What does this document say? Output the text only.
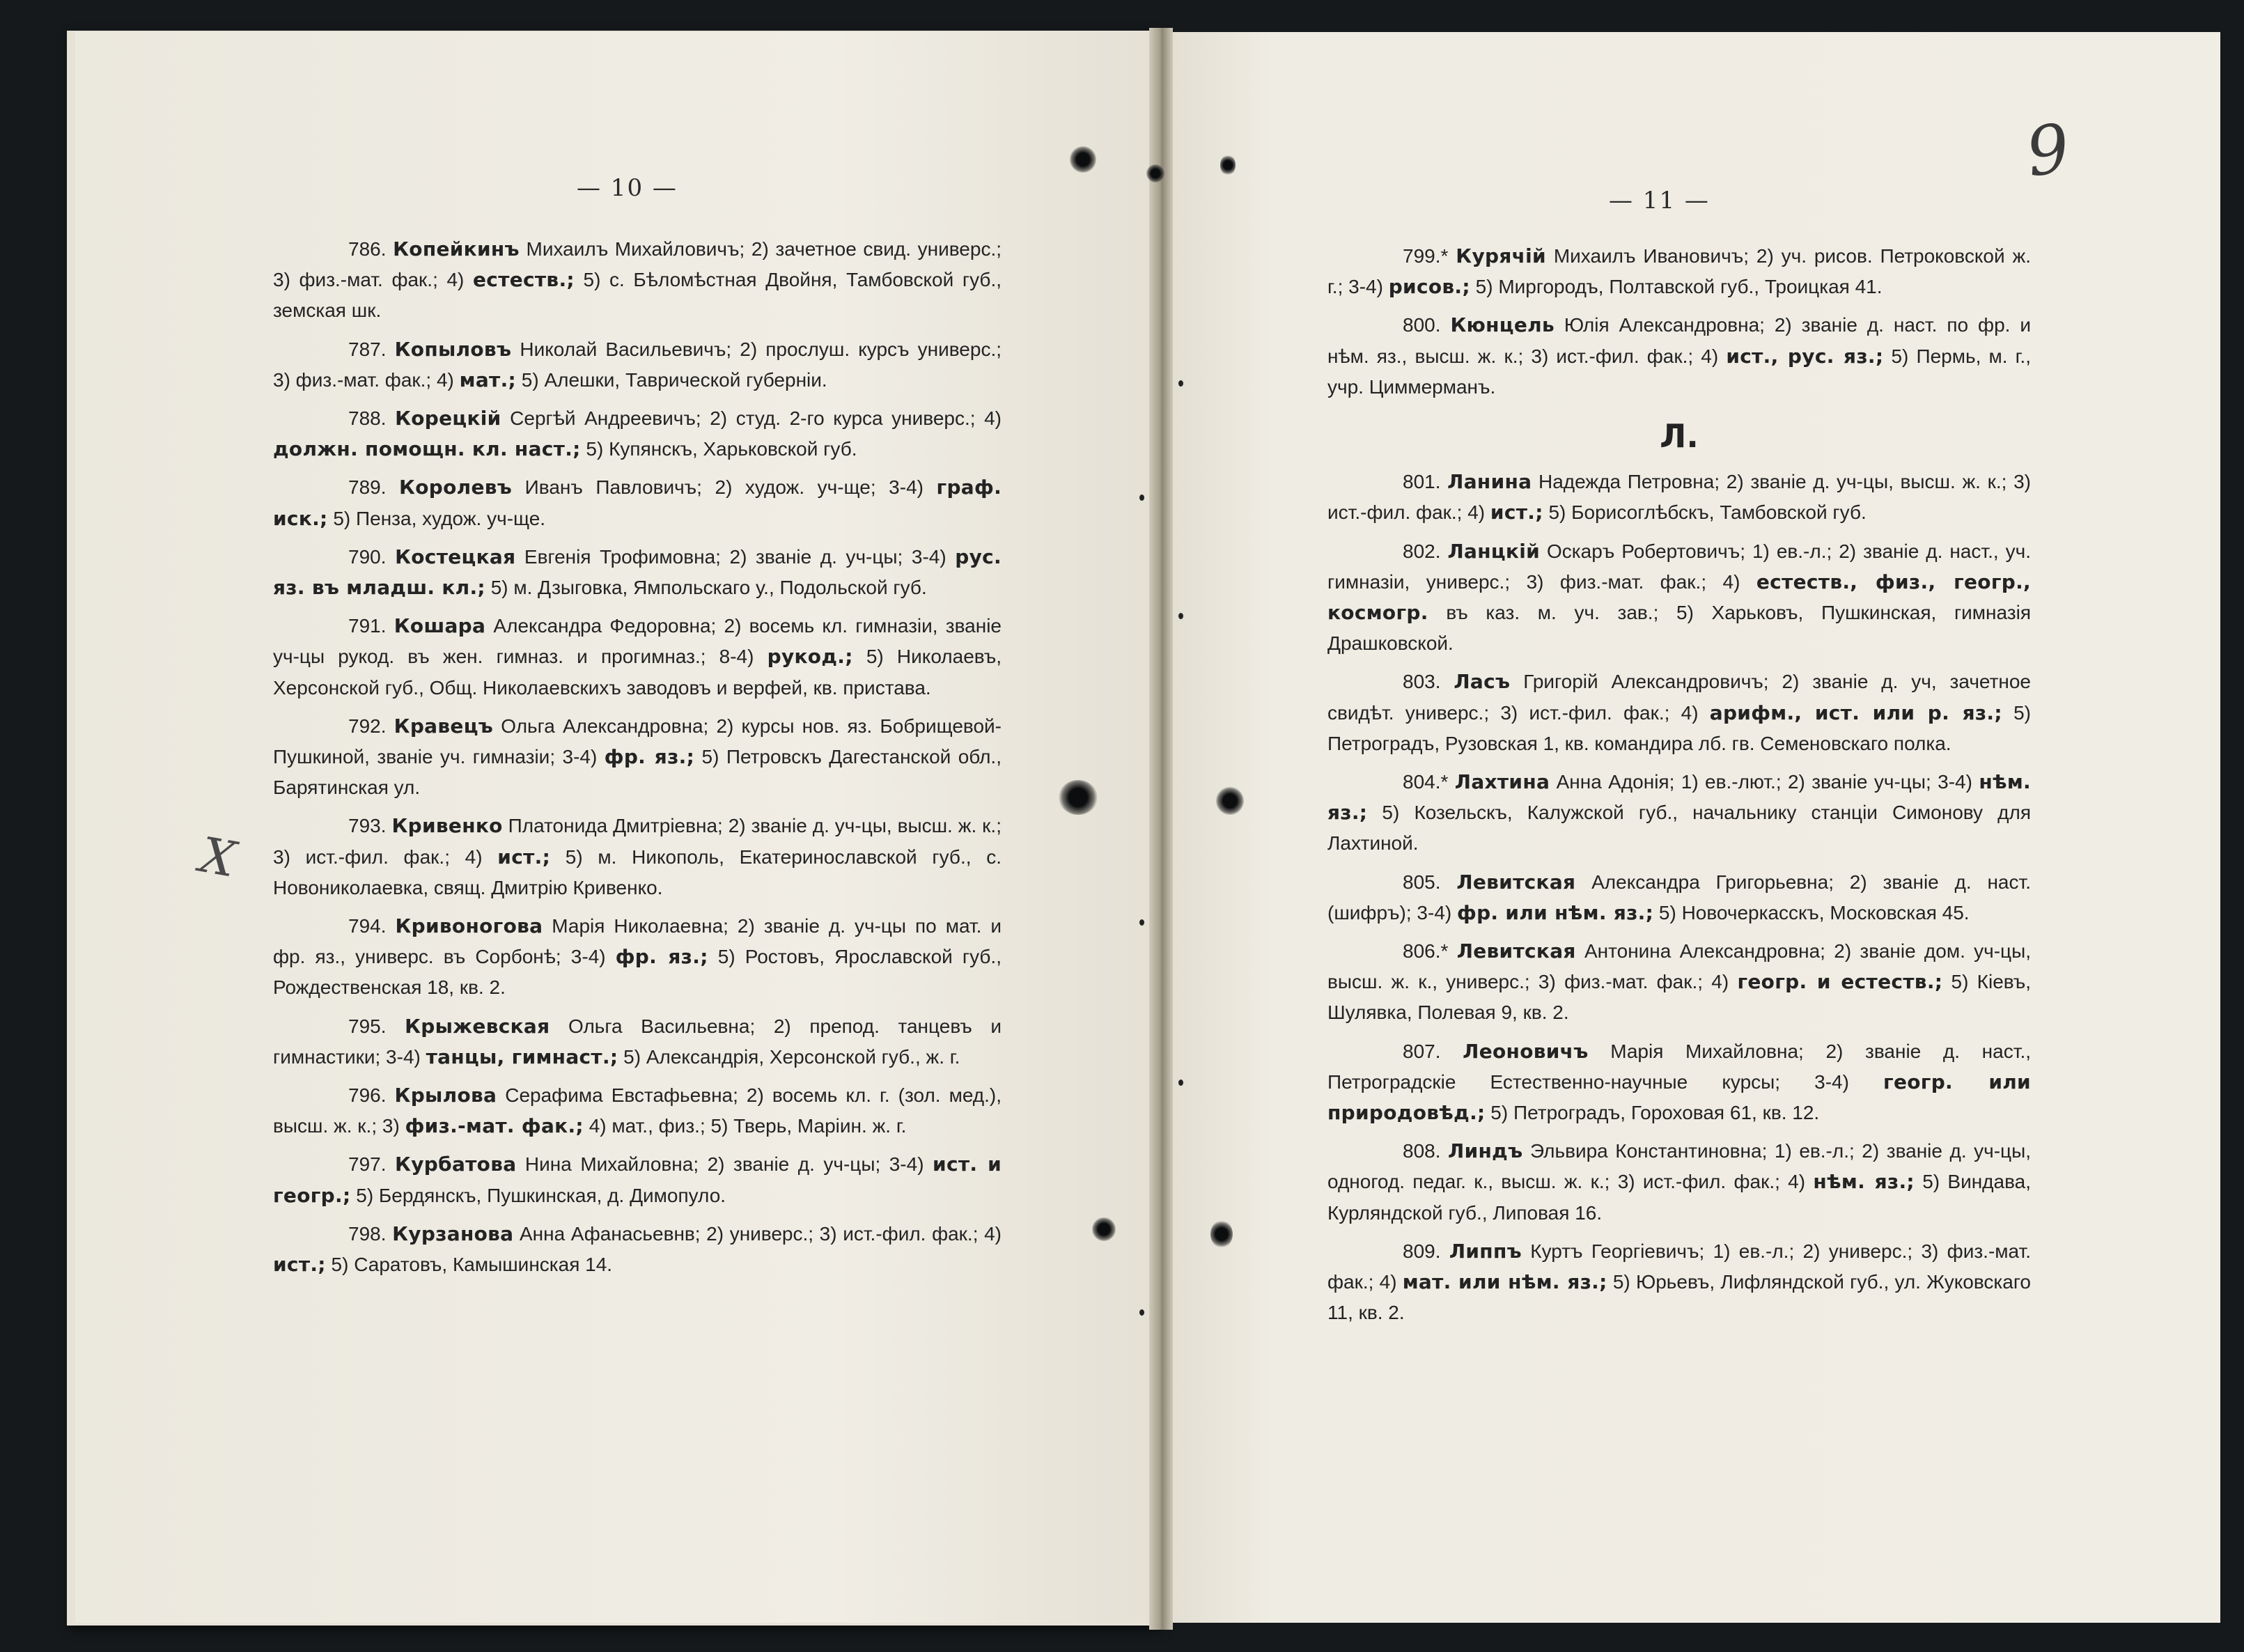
— 10 —

786. Копейкинъ Михаилъ Михайловичъ; 2) зачетное свид. универс.; 3) физ.-мат. фак.; 4) естеств.; 5) с. Бѣломѣстная Двойня, Тамбовской губ., земская шк.

787. Копыловъ Николай Васильевичъ; 2) прослуш. курсъ универс.; 3) физ.-мат. фак.; 4) мат.; 5) Алешки, Таврической губерніи.

788. Корецкій Сергѣй Андреевичъ; 2) студ. 2-го курса универс.; 4) должн. помощн. кл. наст.; 5) Купянскъ, Харьковской губ.

789. Королевъ Иванъ Павловичъ; 2) худож. уч-ще; 3-4) граф. иск.; 5) Пенза, худож. уч-ще.

790. Костецкая Евгенія Трофимовна; 2) званіе д. уч-цы; 3-4) рус. яз. въ младш. кл.; 5) м. Дзыговка, Ямпольскаго у., Подольской губ.

791. Кошара Александра Федоровна; 2) восемь кл. гимназіи, званіе уч-цы рукод. въ жен. гимназ. и прогимназ.; 8-4) рукод.; 5) Николаевъ, Херсонской губ., Общ. Николаевскихъ заводовъ и верфей, кв. пристава.

792. Кравецъ Ольга Александровна; 2) курсы нов. яз. Бобрищевой-Пушкиной, званіе уч. гимназіи; 3-4) фр. яз.; 5) Петровскъ Дагестанской обл., Барятинская ул.

793. Кривенко Платонида Дмитріевна; 2) званіе д. уч-цы, высш. ж. к.; 3) ист.-фил. фак.; 4) ист.; 5) м. Никополь, Екатеринославской губ., с. Новониколаевка, свящ. Дмитрію Кривенко.

794. Кривоногова Марія Николаевна; 2) званіе д. уч-цы по мат. и фр. яз., универс. въ Сорбонѣ; 3-4) фр. яз.; 5) Ростовъ, Ярославской губ., Рождественская 18, кв. 2.

795. Крыжевская Ольга Васильевна; 2) препод. танцевъ и гимнастики; 3-4) танцы, гимнаст.; 5) Александрія, Херсонской губ., ж. г.

796. Крылова Серафима Евстафьевна; 2) восемь кл. г. (зол. мед.), высш. ж. к.; 3) физ.-мат. фак.; 4) мат., физ.; 5) Тверь, Маріин. ж. г.

797. Курбатова Нина Михайловна; 2) званіе д. уч-цы; 3-4) ист. и геогр.; 5) Бердянскъ, Пушкинская, д. Димопуло.

798. Курзанова Анна Афанасьевнв; 2) универс.; 3) ист.-фил. фак.; 4) ист.; 5) Саратовъ, Камышинская 14.

— 11 —
9
X

799.* Курячій Михаилъ Ивановичъ; 2) уч. рисов. Петроковской ж. г.; 3-4) рисов.; 5) Миргородъ, Полтавской губ., Троицкая 41.

800. Кюнцель Юлія Александровна; 2) званіе д. наст. по фр. и нѣм. яз., высш. ж. к.; 3) ист.-фил. фак.; 4) ист., рус. яз.; 5) Пермь, м. г., учр. Циммерманъ.

Л.

801. Ланина Надежда Петровна; 2) званіе д. уч-цы, высш. ж. к.; 3) ист.-фил. фак.; 4) ист.; 5) Борисоглѣбскъ, Тамбовской губ.

802. Ланцкій Оскаръ Робертовичъ; 1) ев.-л.; 2) званіе д. наст., уч. гимназіи, универс.; 3) физ.-мат. фак.; 4) естеств., физ., геогр., космогр. въ каз. м. уч. зав.; 5) Харьковъ, Пушкинская, гимназія Драшковской.

803. Ласъ Григорій Александровичъ; 2) званіе д. уч, зачетное свидѣт. универс.; 3) ист.-фил. фак.; 4) арифм., ист. или р. яз.; 5) Петроградъ, Рузовская 1, кв. командира лб. гв. Семеновскаго полка.

804.* Лахтина Анна Адонія; 1) ев.-лют.; 2) званіе уч-цы; 3-4) нѣм. яз.; 5) Козельскъ, Калужской губ., начальнику станціи Симонову для Лахтиной.

805. Левитская Александра Григорьевна; 2) званіе д. наст. (шифръ); 3-4) фр. или нѣм. яз.; 5) Новочеркасскъ, Московская 45.

806.* Левитская Антонина Александровна; 2) званіе дом. уч-цы, высш. ж. к., универс.; 3) физ.-мат. фак.; 4) геогр. и естеств.; 5) Кіевъ, Шулявка, Полевая 9, кв. 2.

807. Леоновичъ Марія Михайловна; 2) званіе д. наст., Петроградскіе Естественно-научные курсы; 3-4) геогр. или природовѣд.; 5) Петроградъ, Гороховая 61, кв. 12.

808. Линдъ Эльвира Константиновна; 1) ев.-л.; 2) званіе д. уч-цы, одногод. педаг. к., высш. ж. к.; 3) ист.-фил. фак.; 4) нѣм. яз.; 5) Виндава, Курляндской губ., Липовая 16.

809. Липпъ Куртъ Георгіевичъ; 1) ев.-л.; 2) универс.; 3) физ.-мат. фак.; 4) мат. или нѣм. яз.; 5) Юрьевъ, Лифляндской губ., ул. Жуковскаго 11, кв. 2.
